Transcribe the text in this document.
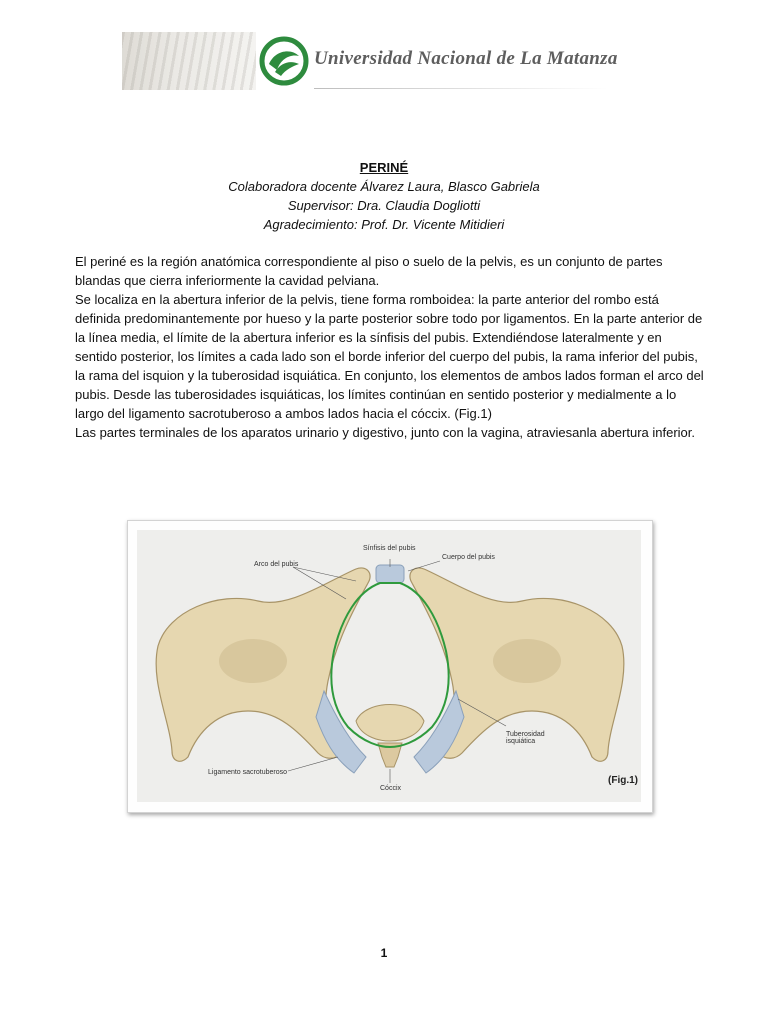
Universidad Nacional de La Matanza
PERINÉ
Colaboradora docente Álvarez Laura, Blasco Gabriela
Supervisor: Dra. Claudia Dogliotti
Agradecimiento: Prof. Dr. Vicente Mitidieri

El periné es la región anatómica correspondiente al piso o suelo de la pelvis, es un conjunto de partes blandas que cierra inferiormente la cavidad pelviana.

Se localiza en la abertura inferior de la pelvis, tiene forma romboidea: la parte anterior del rombo está definida predominantemente por hueso y la parte posterior sobre todo por ligamentos. En la parte anterior de la línea media, el límite de la abertura inferior es la sínfisis del pubis. Extendiéndose lateralmente y en sentido posterior, los límites a cada lado son el borde inferior del cuerpo del pubis, la rama inferior del pubis, la rama del isquion y la tuberosidad isquiática. En conjunto, los elementos de ambos lados forman el arco del pubis. Desde las tuberosidades isquiáticas, los límites continúan en sentido posterior y medialmente a lo largo del ligamento sacrotuberoso a ambos lados hacia el cóccix. (Fig.1)

Las partes terminales de los aparatos urinario y digestivo, junto con la vagina, atraviesanla abertura inferior.

Sínfisis del pubis
Cuerpo del pubis
Arco del pubis
Tuberosidad
isquiática
Ligamento sacrotuberoso
Cóccix
(Fig.1)
1
